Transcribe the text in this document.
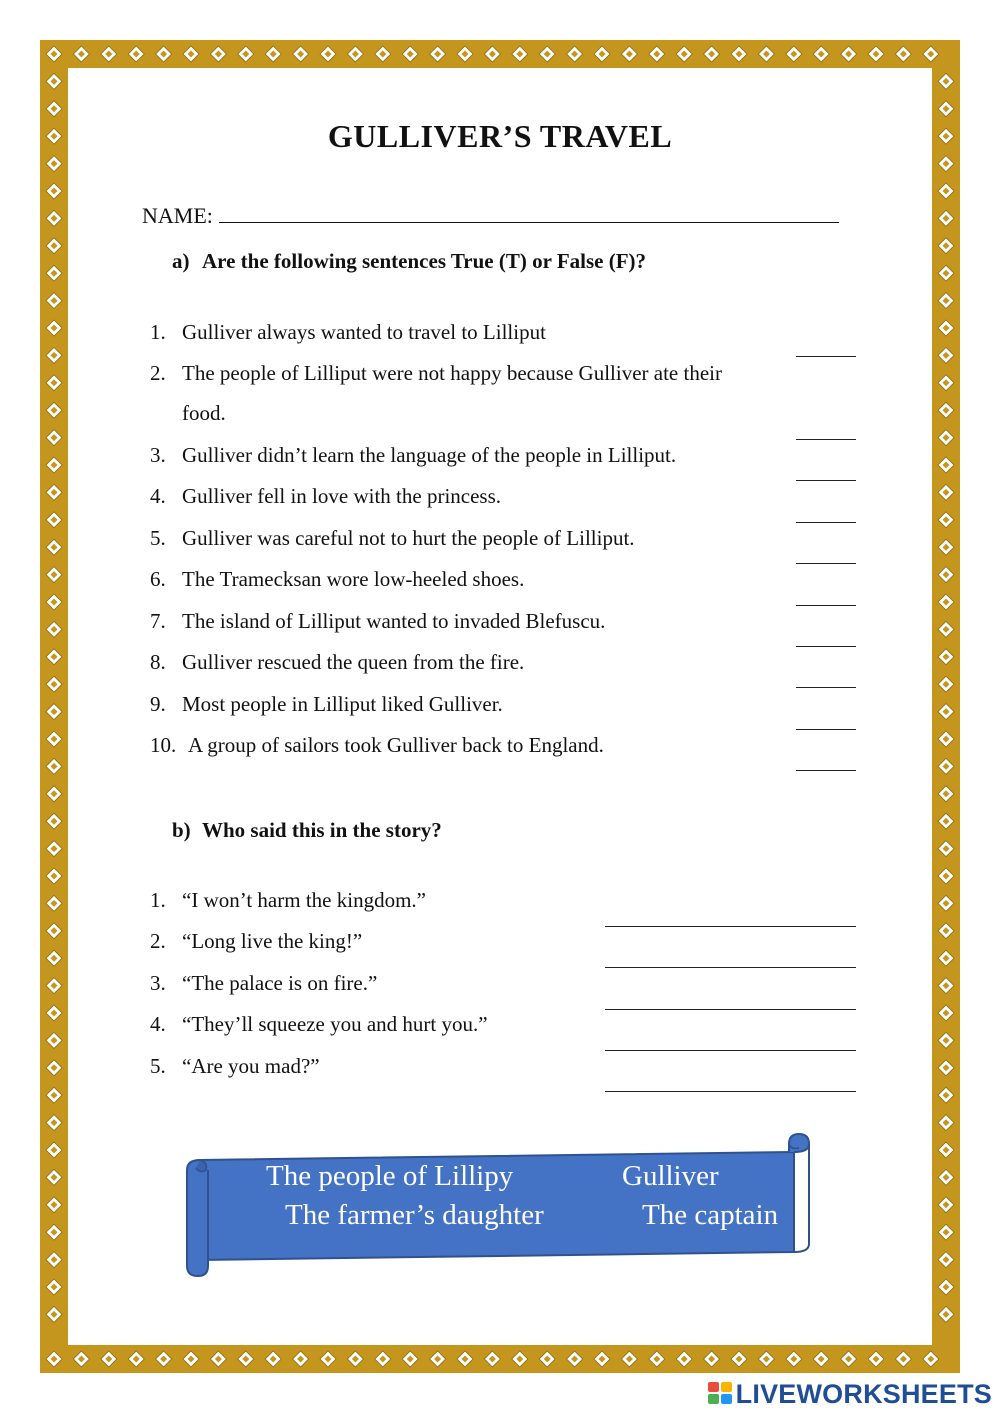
GULLIVER’S TRAVEL
NAME:
a) Are the following sentences True (T) or False (F)?
1. Gulliver always wanted to travel to Lilliput
2. The people of Lilliput were not happy because Gulliver ate their
food.
3. Gulliver didn’t learn the language of the people in Lilliput.
4. Gulliver fell in love with the princess.
5. Gulliver was careful not to hurt the people of Lilliput.
6. The Tramecksan wore low-heeled shoes.
7. The island of Lilliput wanted to invaded Blefuscu.
8. Gulliver rescued the queen from the fire.
9. Most people in Lilliput liked Gulliver.
10. A group of sailors took Gulliver back to England.
b) Who said this in the story?
1. “I won’t harm the kingdom.”
2. “Long live the king!”
3. “The palace is on fire.”
4. “They’ll squeeze you and hurt you.”
5. “Are you mad?”
The people of Lillipy	Gulliver
The farmer’s daughter	The captain
LIVEWORKSHEETS
